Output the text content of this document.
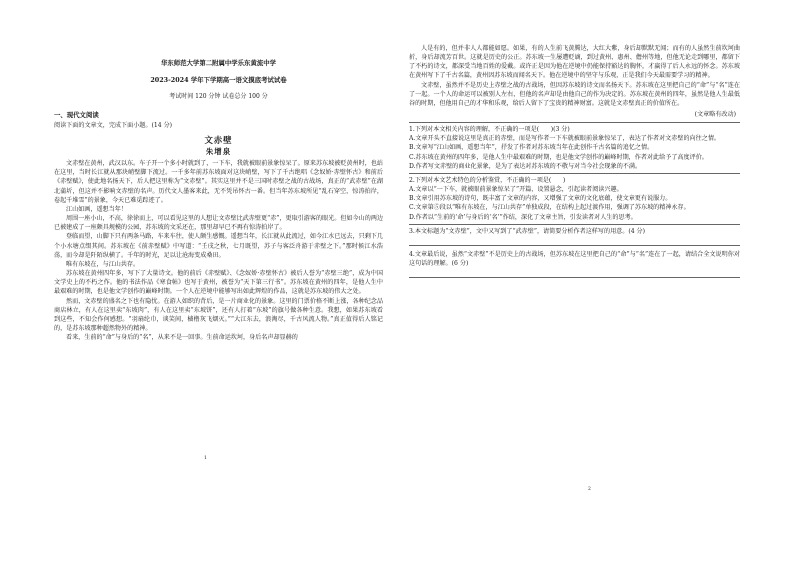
华东师范大学第二附属中学乐东黄流中学

2023-2024 学年下学期高一语文摸底考试试卷

考试时间 120 分钟 试卷总分 100 分

一、现代文阅读

阅读下面的文章文，完成下面小题。(14 分)

文赤壁

朱增泉

文赤壁在黄州，武汉以东。车子开一个多小时就到了，一下车，我就被眼前景象惊呆了。原来苏东坡被贬黄州时，也站在这里，当时长江就从那块峭壁脚下流过。一千多年前苏东坡面对这块峭壁，写下了千古绝唱《念奴娇·赤壁怀古》和前后《赤壁赋》，使此地名扬天下，后人把这里称为“文赤壁”。其实这里并不是三国时赤壁之战的古战场，真正的“武赤壁”在湖北蒲圻，但这并不影响文赤壁的名声。历代文人墨客来此，无不凭吊怀古一番。但当年苏东坡所见“乱石穿空，惊涛拍岸，卷起千堆雪”的景象，今天已难觅踪迹了。

江山如画，遥想当年！

周围一座小山，不高，徐徐而上，可以看见这里的人想让文赤壁比武赤壁更“赤”，更取引游客的眼光。但如今山的两边已被建成了一座颇具规模的公园，苏东坡的文采还在，那里却早已不再有惊涛拍岸了。

登临而望，山脚下只有两条马路，车来车往，使人颇生感慨。遥想当年，长江就从此流过，如今江水已远去，只剩下几个小水塘点缀其间。苏东坡在《前赤壁赋》中写道：“壬戌之秋，七月既望，苏子与客泛舟游于赤壁之下。”那时候江水浩荡，而今却是阡陌纵横了。千年的时光，足以让沧海变成桑田。

唯有东坡在，与江山共存。

苏东坡在黄州四年多，写下了大量诗文。他的前后《赤壁赋》、《念奴娇·赤壁怀古》被后人誉为“赤壁三绝”，成为中国文学史上的不朽之作。他的书法作品《寒食帖》也写于黄州，被誉为“天下第三行书”。苏东坡在黄州的四年，是他人生中最艰难的时期，也是他文学创作的巅峰时期。一个人在逆境中能够写出如此辉煌的作品，这就是苏东坡的伟大之处。

然而，文赤壁的盛名之下也有隐忧。在游人如织的背后，是一片商业化的景象。这里的门票价格不断上涨，各种纪念品商店林立，有人在这里卖“东坡肉”，有人在这里卖“东坡饼”，还有人打着“东坡”的旗号做各种生意。我想，如果苏东坡看到这些，不知会作何感想。“羽扇纶巾，谈笑间，樯橹灰飞烟灭。”“大江东去，浪淘尽，千古风流人物。”真正值得后人铭记的，是苏东坡那种超然物外的精神。

看来，生前的“命”与身后的“名”，从来不是一回事。生前命运坎坷，身后名声却显赫的

1

人是有的，但并非人人都能如愿。如果，有的人生前飞黄腾达，大红大紫，身后却默默无闻；而有的人虽然生前坎坷曲折，身后却流芳百世。这就是历史的公正。苏东坡一生屡遭贬谪，到过黄州、惠州、儋州等地，但他无论走到哪里，都留下了不朽的诗文，都深受当地百姓的爱戴。或许正是因为他在逆境中仍能保持豁达的胸怀，才赢得了后人永远的怀念。苏东坡在黄州写下了千古名篇，黄州因苏东坡而闻名天下。他在逆境中的坚守与乐观，正是我们今天最需要学习的精神。

文赤壁，虽然并不是历史上赤壁之战的古战场，但因苏东坡的诗文而名扬天下。苏东坡在这里把自己的“命”与“名”连在了一起。一个人的命运可以被别人左右，但他的名声却是由他自己的作为决定的。苏东坡在黄州的四年，虽然是他人生最低谷的时期，但他用自己的才华和乐观，给后人留下了宝贵的精神财富。这就是文赤壁真正的价值所在。

(文章略有改动)

1.下列对本文相关内容的理解，不正确的一项是(      )(3 分)

A.文章开头不直接说这里是真正的赤壁，而是写作者一下车就被眼前景象惊呆了，表达了作者对文赤壁的向往之情。

B.文章写“江山如画，遥想当年”，抒发了作者对苏东坡当年在此创作千古名篇的追忆之情。

C.苏东坡在黄州的四年多，是他人生中最艰难的时期，也是他文学创作的巅峰时期，作者对此给予了高度评价。

D.作者写文赤壁的商业化景象，是为了表达对苏东坡的不敬与对当今社会现象的不满。

2.下列对本文艺术特色的分析鉴赏，不正确的一项是(      )

A.文章以“一下车，就被眼前景象惊呆了”开篇，设置悬念，引起读者阅读兴趣。

B.文章引用苏东坡的诗句，既丰富了文章的内容，又增强了文章的文化底蕴，使文章更有说服力。

C.文章第⑤段以“唯有东坡在，与江山共存”单独成段，在结构上起过渡作用，强调了苏东坡的精神永存。

D.作者以“生前的‘命’与身后的‘名’”作结，深化了文章主旨，引发读者对人生的思考。

3.本文标题为“文赤壁”，文中又写到了“武赤壁”，请简要分析作者这样写的用意。(4 分)

4.文章最后说，虽然“文赤壁”不是历史上的古战场，但苏东坡在这里把自己的“命”与“名”连在了一起，请结合全文说明你对这句话的理解。(6 分)

2
